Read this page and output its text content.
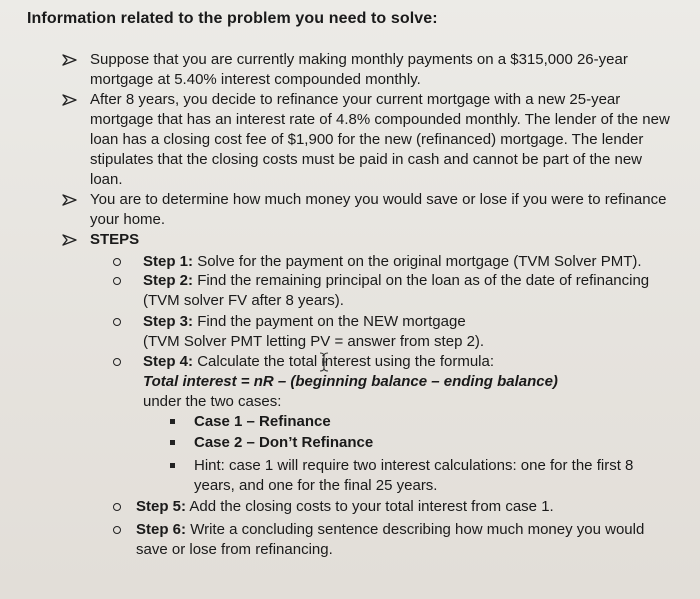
Information related to the problem you need to solve:
Suppose that you are currently making monthly payments on a $315,000 26-year
mortgage at 5.40% interest compounded monthly.
After 8 years, you decide to refinance your current mortgage with a new 25-year
mortgage that has an interest rate of 4.8% compounded monthly. The lender of the new
loan has a closing cost fee of $1,900 for the new (refinanced) mortgage. The lender
stipulates that the closing costs must be paid in cash and cannot be part of the new
loan.
You are to determine how much money you would save or lose if you were to refinance
your home.
STEPS
Step 1: Solve for the payment on the original mortgage (TVM Solver PMT).
Step 2: Find the remaining principal on the loan as of the date of refinancing
(TVM solver FV after 8 years).
Step 3: Find the payment on the NEW mortgage
(TVM Solver PMT letting PV = answer from step 2).
Step 4: Calculate the total interest using the formula:
Total interest = nR – (beginning balance – ending balance)
under the two cases:
Case 1 – Refinance
Case 2 – Don’t Refinance
Hint: case 1 will require two interest calculations: one for the first 8
years, and one for the final 25 years.
Step 5: Add the closing costs to your total interest from case 1.
Step 6: Write a concluding sentence describing how much money you would
save or lose from refinancing.
